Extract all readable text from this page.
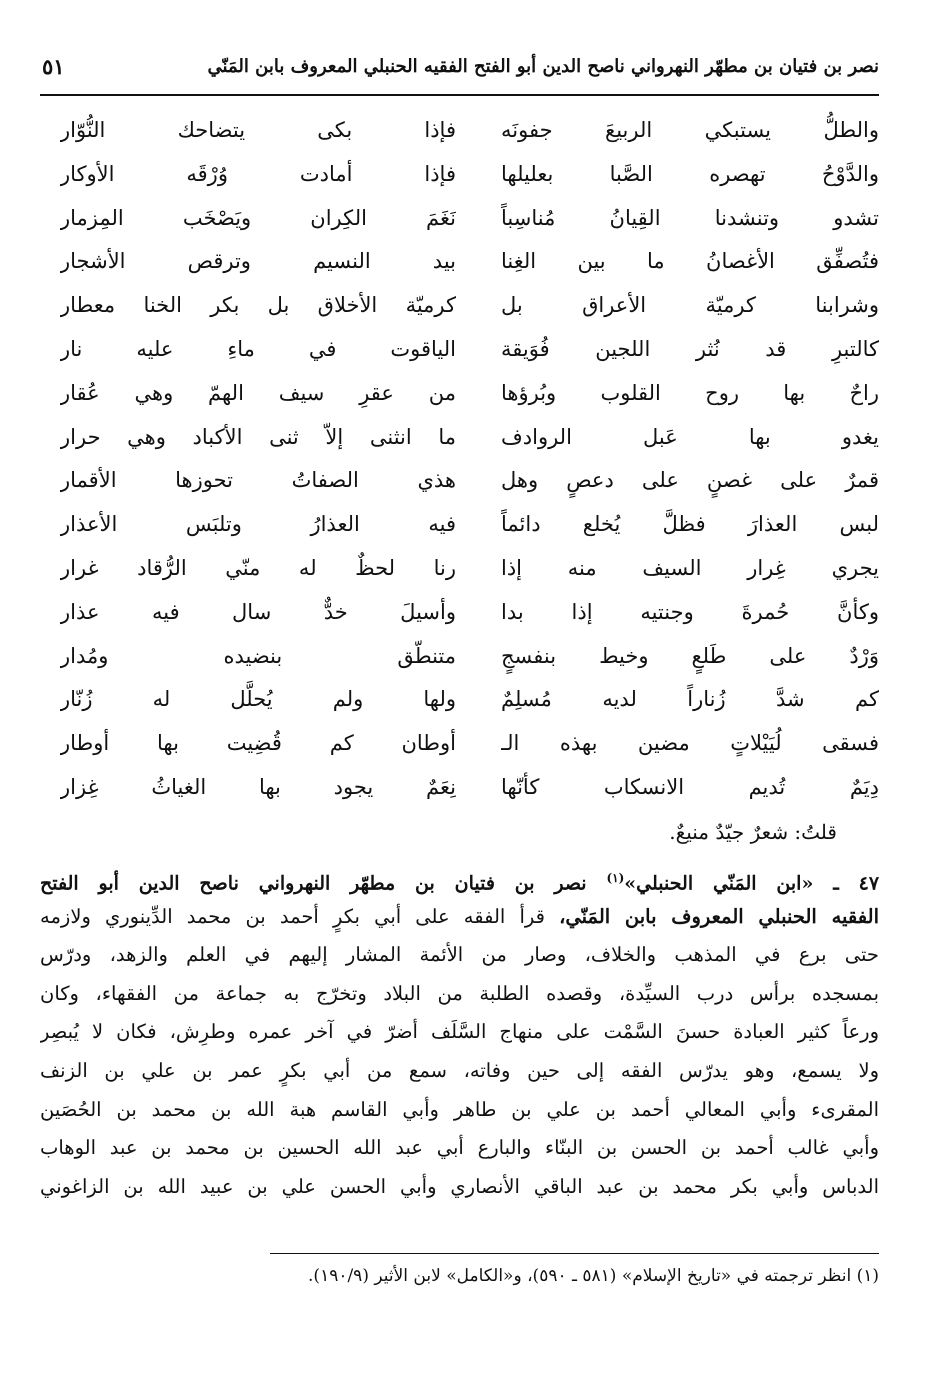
نصر بن فتيان بن مطهّر النهرواني ناصح الدين أبو الفتح الفقيه الحنبلي المعروف بابن المَنّي
٥١
والطلُّ يستبكي الربيعَ جفونَه
فإذا بكى يتضاحك النُّوّار
والدَّوْحُ تهصره الصَّبا بعليلها
فإذا أمادت وُرْقَه الأوكار
تشدو وتنشدنا القِيانُ مُناسِباً
نَغَمَ الكِران ويَصْخَب المِزمار
فتُصفِّق الأغصانُ ما بين الغِنا
بيد النسيم وترقص الأشجار
وشرابنا كرميّة الأعراق بل
كرميّة الأخلاق بل بكر الخنا معطار
كالتبرِ قد نُثر اللجين فُوَيقة
الياقوت في ماءِ عليه نار
راحٌ بها روح القلوب وبُرؤها
من عقرِ سيف الهمّ وهي عُقار
يغدو بها عَبل الروادف
ما انثنى إلاّ ثنى الأكباد وهي حرار
قمرٌ على غصنٍ على دعصٍ وهل
هذي الصفاتُ تحوزها الأقمار
لبس العذارَ فظلَّ يُخلع دائماً
فيه العذارُ وتلبَس الأعذار
يجري غِرار السيف منه إذا
رنا لحظٌ له منّي الرُّقاد غرار
وكأنَّ حُمرةَ وجنتيه إذا بدا
وأسيلَ خدٌّ سال فيه عذار
وَرْدٌ على طَلعٍ وخيط بنفسجٍ
متنطّق بنضيده ومُدار
كم شدَّ زُناراً لديه مُسلِمٌ
ولها ولم يُحلَّل له زُنّار
فسقى لُيَيْلاتٍ مضين بهذه الـ
أوطان كم قُضِيت بها أوطار
دِيَمٌ تُديم الانسكاب كأنّها
نِعَمٌ يجود بها الغياثُ غِزار
قلتُ: شعرٌ جيّدٌ منيعٌ.
٤٧ ـ «ابن المَنّي الحنبلي»$^{(١)}$ نصر بن فتيان بن مطهّر النهرواني ناصح الدين أبو الفتح
الفقيه الحنبلي المعروف بابن المَنّي، قرأ الفقه على أبي بكرٍ أحمد بن محمد الدِّينوري ولازمه
حتى برع في المذهب والخلاف، وصار من الأئمة المشار إليهم في العلم والزهد، ودرّس
بمسجده برأس درب السيِّدة، وقصده الطلبة من البلاد وتخرّج به جماعة من الفقهاء، وكان
ورعاً كثير العبادة حسنَ السَّمْت على منهاج السَّلَف أضرّ في آخر عمره وطرِش، فكان لا يُبصِر
ولا يسمع، وهو يدرّس الفقه إلى حين وفاته، سمع من أبي بكرٍ عمر بن علي بن الزنف
المقرىء وأبي المعالي أحمد بن علي بن طاهر وأبي القاسم هبة الله بن محمد بن الحُصَين
وأبي غالب أحمد بن الحسن بن البنّاء والبارع أبي عبد الله الحسين بن محمد بن عبد الوهاب
الدباس وأبي بكر محمد بن عبد الباقي الأنصاري وأبي الحسن علي بن عبيد الله بن الزاغوني
(١) انظر ترجمته في «تاريخ الإسلام» (٥٨١ ـ ٥٩٠)، و«الكامل» لابن الأثير (١٩٠/٩).
